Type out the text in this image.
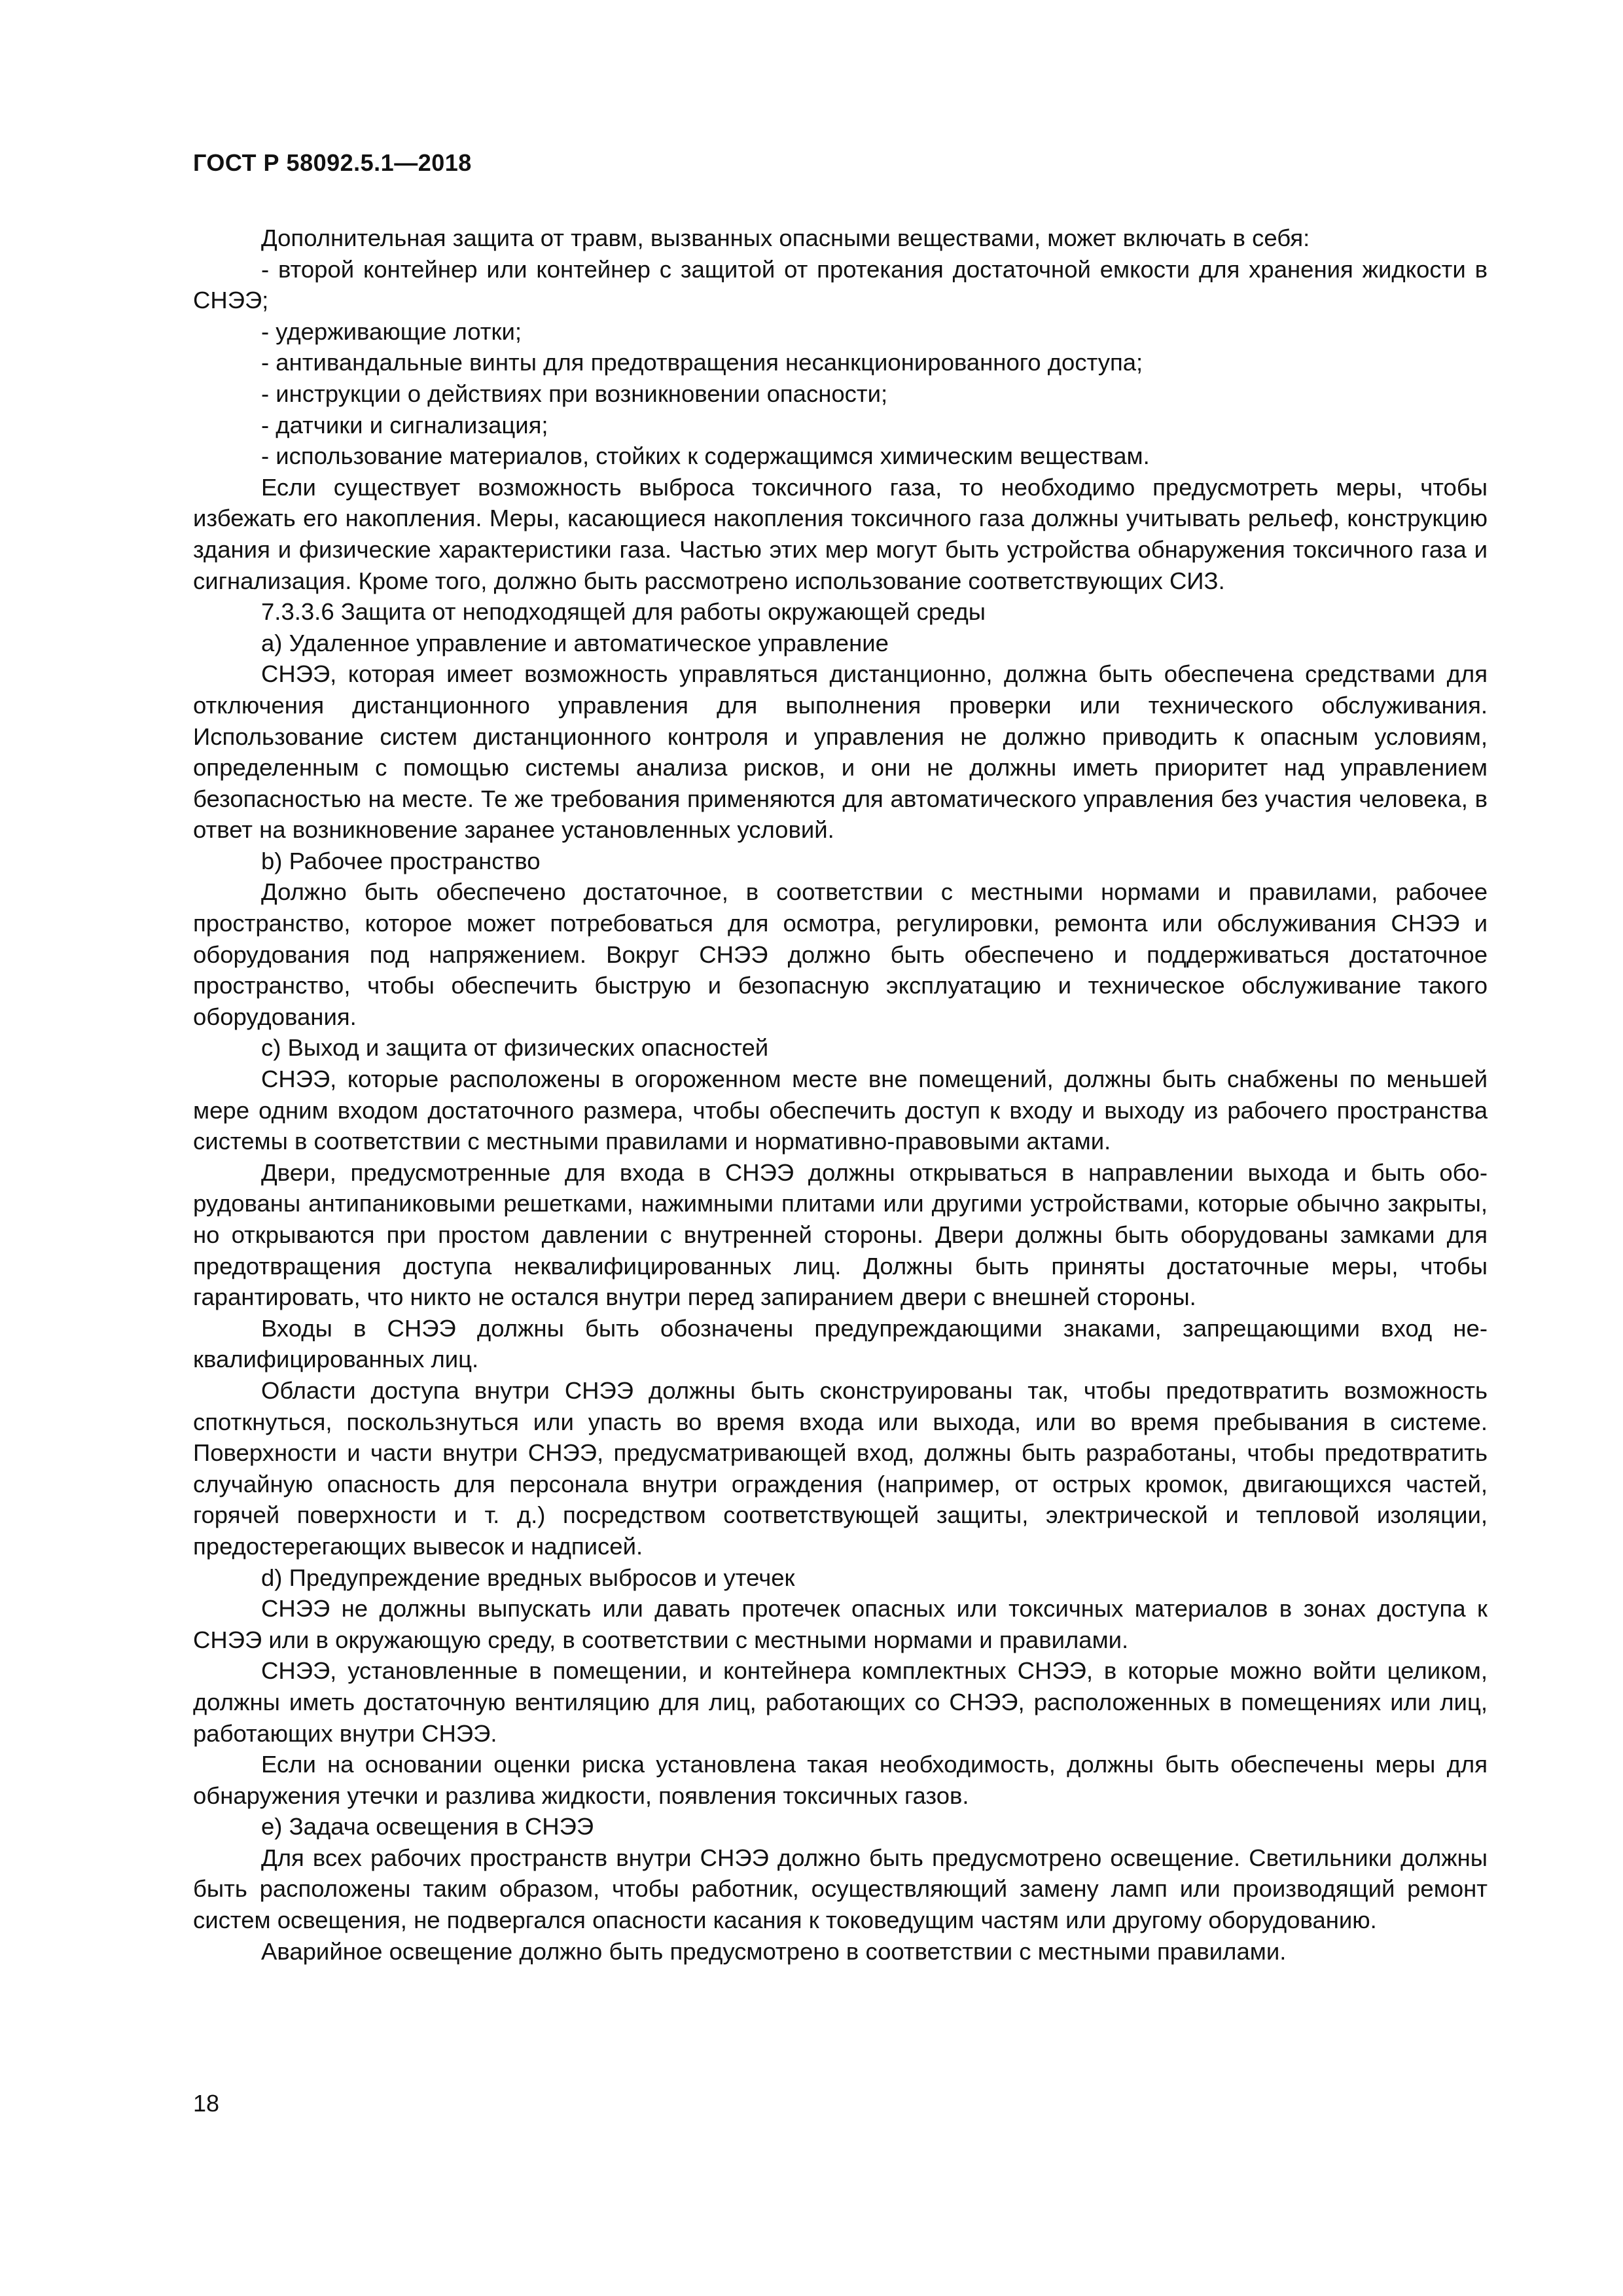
ГОСТ Р 58092.5.1—2018

Дополнительная защита от травм, вызванных опасными веществами, может включать в себя:

- второй контейнер или контейнер с защитой от протекания достаточной емкости для хранения жидкости в СНЭЭ;

- удерживающие лотки;

- антивандальные винты для предотвращения несанкционированного доступа;

- инструкции о действиях при возникновении опасности;

- датчики и сигнализация;

- использование материалов, стойких к содержащимся химическим веществам.

Если существует возможность выброса токсичного газа, то необходимо предусмотреть меры, чтобы избежать его накопления. Меры, касающиеся накопления токсичного газа должны учитывать рельеф, конструкцию здания и физические характеристики газа. Частью этих мер могут быть устройства обнаружения токсичного газа и сигнализация. Кроме того, должно быть рассмотрено использование соответствующих СИЗ.

7.3.3.6 Защита от неподходящей для работы окружающей среды

а) Удаленное управление и автоматическое управление

СНЭЭ, которая имеет возможность управляться дистанционно, должна быть обеспечена средствами для отключения дистанционного управления для выполнения проверки или технического обслуживания. Использование систем дистанционного контроля и управления не должно приводить к опасным условиям, определенным с помощью системы анализа рисков, и они не должны иметь приоритет над управлением безопасностью на месте. Те же требования применяются для автоматического управления без участия человека, в ответ на возникновение заранее установленных условий.

b) Рабочее пространство

Должно быть обеспечено достаточное, в соответствии с местными нормами и правилами, рабочее пространство, которое может потребоваться для осмотра, регулировки, ремонта или обслуживания СНЭЭ и оборудования под напряжением. Вокруг СНЭЭ должно быть обеспечено и поддерживаться достаточное пространство, чтобы обеспечить быструю и безопасную эксплуатацию и техническое обслуживание такого оборудования.

с) Выход и защита от физических опасностей

СНЭЭ, которые расположены в огороженном месте вне помещений, должны быть снабжены по меньшей мере одним входом достаточного размера, чтобы обеспечить доступ к входу и выходу из рабочего пространства системы в соответствии с местными правилами и нормативно-правовыми актами.

Двери, предусмотренные для входа в СНЭЭ должны открываться в направлении выхода и быть оборудованы антипаниковыми решетками, нажимными плитами или другими устройствами, которые обычно закрыты, но открываются при простом давлении с внутренней стороны. Двери должны быть оборудованы замками для предотвращения доступа неквалифицированных лиц. Должны быть приняты достаточные меры, чтобы гарантировать, что никто не остался внутри перед запиранием двери с внешней стороны.

Входы в СНЭЭ должны быть обозначены предупреждающими знаками, запрещающими вход неквалифицированных лиц.

Области доступа внутри СНЭЭ должны быть сконструированы так, чтобы предотвратить возможность споткнуться, поскользнуться или упасть во время входа или выхода, или во время пребывания в системе. Поверхности и части внутри СНЭЭ, предусматривающей вход, должны быть разработаны, чтобы предотвратить случайную опасность для персонала внутри ограждения (например, от острых кромок, двигающихся частей, горячей поверхности и т. д.) посредством соответствующей защиты, электрической и тепловой изоляции, предостерегающих вывесок и надписей.

d) Предупреждение вредных выбросов и утечек

СНЭЭ не должны выпускать или давать протечек опасных или токсичных материалов в зонах доступа к СНЭЭ или в окружающую среду, в соответствии с местными нормами и правилами.

СНЭЭ, установленные в помещении, и контейнера комплектных СНЭЭ, в которые можно войти целиком, должны иметь достаточную вентиляцию для лиц, работающих со СНЭЭ, расположенных в помещениях или лиц, работающих внутри СНЭЭ.

Если на основании оценки риска установлена такая необходимость, должны быть обеспечены меры для обнаружения утечки и разлива жидкости, появления токсичных газов.

е) Задача освещения в СНЭЭ

Для всех рабочих пространств внутри СНЭЭ должно быть предусмотрено освещение. Светильники должны быть расположены таким образом, чтобы работник, осуществляющий замену ламп или производящий ремонт систем освещения, не подвергался опасности касания к токоведущим частям или другому оборудованию.

Аварийное освещение должно быть предусмотрено в соответствии с местными правилами.

18
